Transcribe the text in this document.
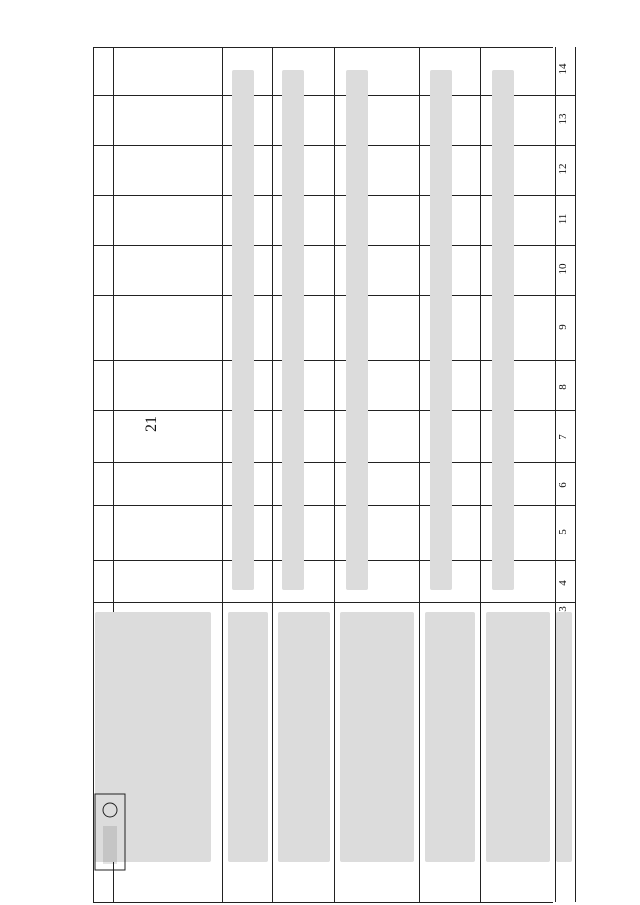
21
14
13
12
11
10
9
8
7
6
5
4
3
